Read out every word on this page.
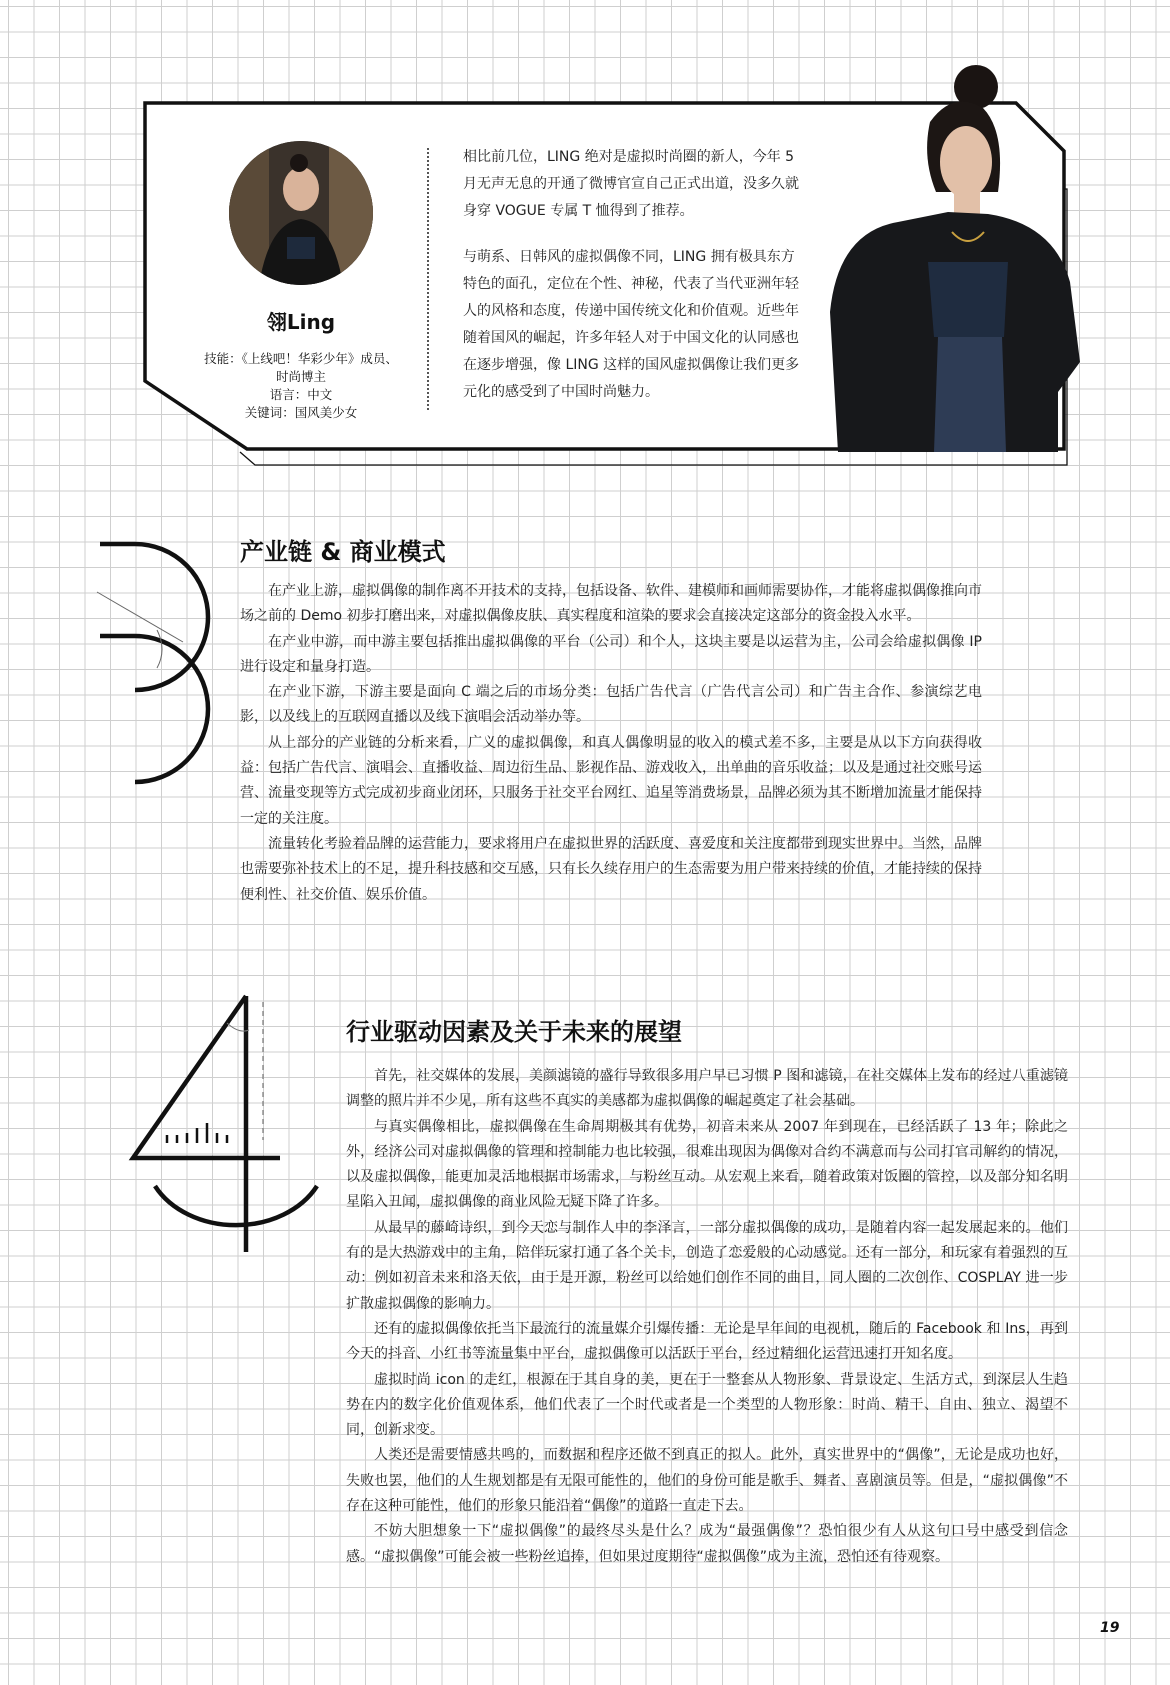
翎Ling
技能：《上线吧！华彩少年》成员、
时尚博主
语言：中文
关键词：国风美少女

相比前几位，LING 绝对是虚拟时尚圈的新人，今年 5 月无声无息的开通了微博官宣自己正式出道，没多久就身穿 VOGUE 专属 T 恤得到了推荐。

与萌系、日韩风的虚拟偶像不同，LING 拥有极具东方特色的面孔，定位在个性、神秘，代表了当代亚洲年轻人的风格和态度，传递中国传统文化和价值观。近些年随着国风的崛起，许多年轻人对于中国文化的认同感也在逐步增强，像 LING 这样的国风虚拟偶像让我们更多元化的感受到了中国时尚魅力。

产业链 & 商业模式

在产业上游，虚拟偶像的制作离不开技术的支持，包括设备、软件、建模师和画师需要协作，才能将虚拟偶像推向市场之前的 Demo 初步打磨出来，对虚拟偶像皮肤、真实程度和渲染的要求会直接决定这部分的资金投入水平。

在产业中游，而中游主要包括推出虚拟偶像的平台（公司）和个人，这块主要是以运营为主，公司会给虚拟偶像 IP 进行设定和量身打造。

在产业下游，下游主要是面向 C 端之后的市场分类：包括广告代言（广告代言公司）和广告主合作、参演综艺电影，以及线上的互联网直播以及线下演唱会活动举办等。

从上部分的产业链的分析来看，广义的虚拟偶像，和真人偶像明显的收入的模式差不多，主要是从以下方向获得收益：包括广告代言、演唱会、直播收益、周边衍生品、影视作品、游戏收入，出单曲的音乐收益；以及是通过社交账号运营、流量变现等方式完成初步商业闭环，只服务于社交平台网红、追星等消费场景，品牌必须为其不断增加流量才能保持一定的关注度。

流量转化考验着品牌的运营能力，要求将用户在虚拟世界的活跃度、喜爱度和关注度都带到现实世界中。当然，品牌也需要弥补技术上的不足，提升科技感和交互感，只有长久续存用户的生态需要为用户带来持续的价值，才能持续的保持便利性、社交价值、娱乐价值。

行业驱动因素及关于未来的展望

首先，社交媒体的发展，美颜滤镜的盛行导致很多用户早已习惯 P 图和滤镜，在社交媒体上发布的经过八重滤镜调整的照片并不少见，所有这些不真实的美感都为虚拟偶像的崛起奠定了社会基础。

与真实偶像相比，虚拟偶像在生命周期极其有优势，初音未来从 2007 年到现在，已经活跃了 13 年；除此之外，经济公司对虚拟偶像的管理和控制能力也比较强，很难出现因为偶像对合约不满意而与公司打官司解约的情况，以及虚拟偶像，能更加灵活地根据市场需求，与粉丝互动。从宏观上来看，随着政策对饭圈的管控，以及部分知名明星陷入丑闻，虚拟偶像的商业风险无疑下降了许多。

从最早的藤崎诗织，到今天恋与制作人中的李泽言，一部分虚拟偶像的成功，是随着内容一起发展起来的。他们有的是大热游戏中的主角，陪伴玩家打通了各个关卡，创造了恋爱般的心动感觉。还有一部分，和玩家有着强烈的互动：例如初音未来和洛天依，由于是开源，粉丝可以给她们创作不同的曲目，同人圈的二次创作、COSPLAY 进一步扩散虚拟偶像的影响力。

还有的虚拟偶像依托当下最流行的流量媒介引爆传播：无论是早年间的电视机，随后的 Facebook 和 Ins，再到今天的抖音、小红书等流量集中平台，虚拟偶像可以活跃于平台，经过精细化运营迅速打开知名度。

虚拟时尚 icon 的走红，根源在于其自身的美，更在于一整套从人物形象、背景设定、生活方式，到深层人生趋势在内的数字化价值观体系，他们代表了一个时代或者是一个类型的人物形象：时尚、精干、自由、独立、渴望不同，创新求变。

人类还是需要情感共鸣的，而数据和程序还做不到真正的拟人。此外，真实世界中的“偶像”，无论是成功也好，失败也罢，他们的人生规划都是有无限可能性的，他们的身份可能是歌手、舞者、喜剧演员等。但是，“虚拟偶像”不存在这种可能性，他们的形象只能沿着“偶像”的道路一直走下去。

不妨大胆想象一下“虚拟偶像”的最终尽头是什么？成为“最强偶像”？恐怕很少有人从这句口号中感受到信念感。“虚拟偶像”可能会被一些粉丝追捧，但如果过度期待“虚拟偶像”成为主流，恐怕还有待观察。

19
